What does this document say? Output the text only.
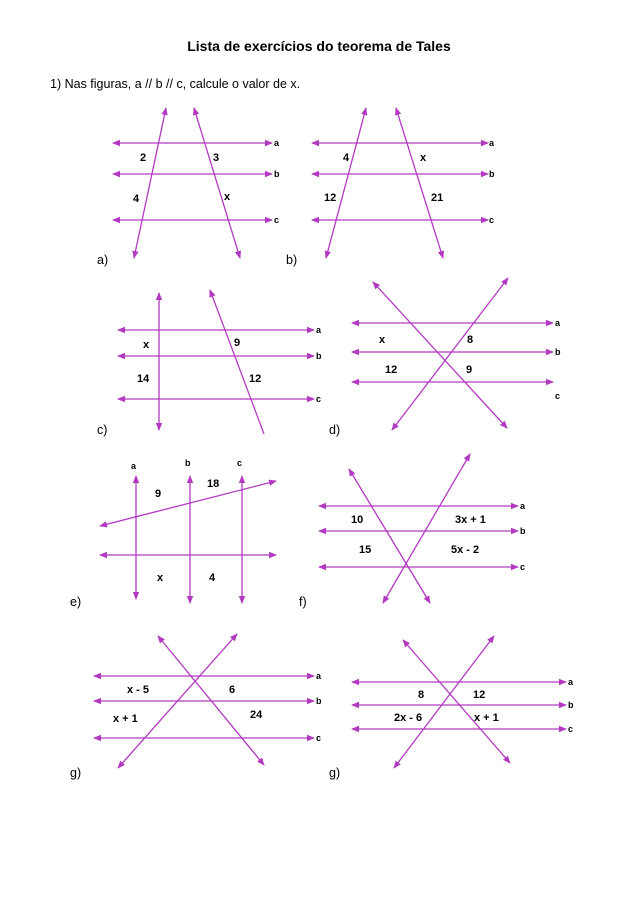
Lista de exercícios do teorema de Tales
1) Nas figuras, a // b // c, calcule o valor de x.
a
b
c
2	3
4	x
a
b
c
4	x
12	21
a
b
c
x	9
14	12
a
b
c
x	8
12	9
a	b	c
9
18
x	4
a
b
c
10	3x + 1
15	5x - 2
a
b
c
x - 5	6
x + 1	24
a
b
c
8	12
2x - 6	x + 1
a)	b)
c)	d)
e)	f)
g)	g)
